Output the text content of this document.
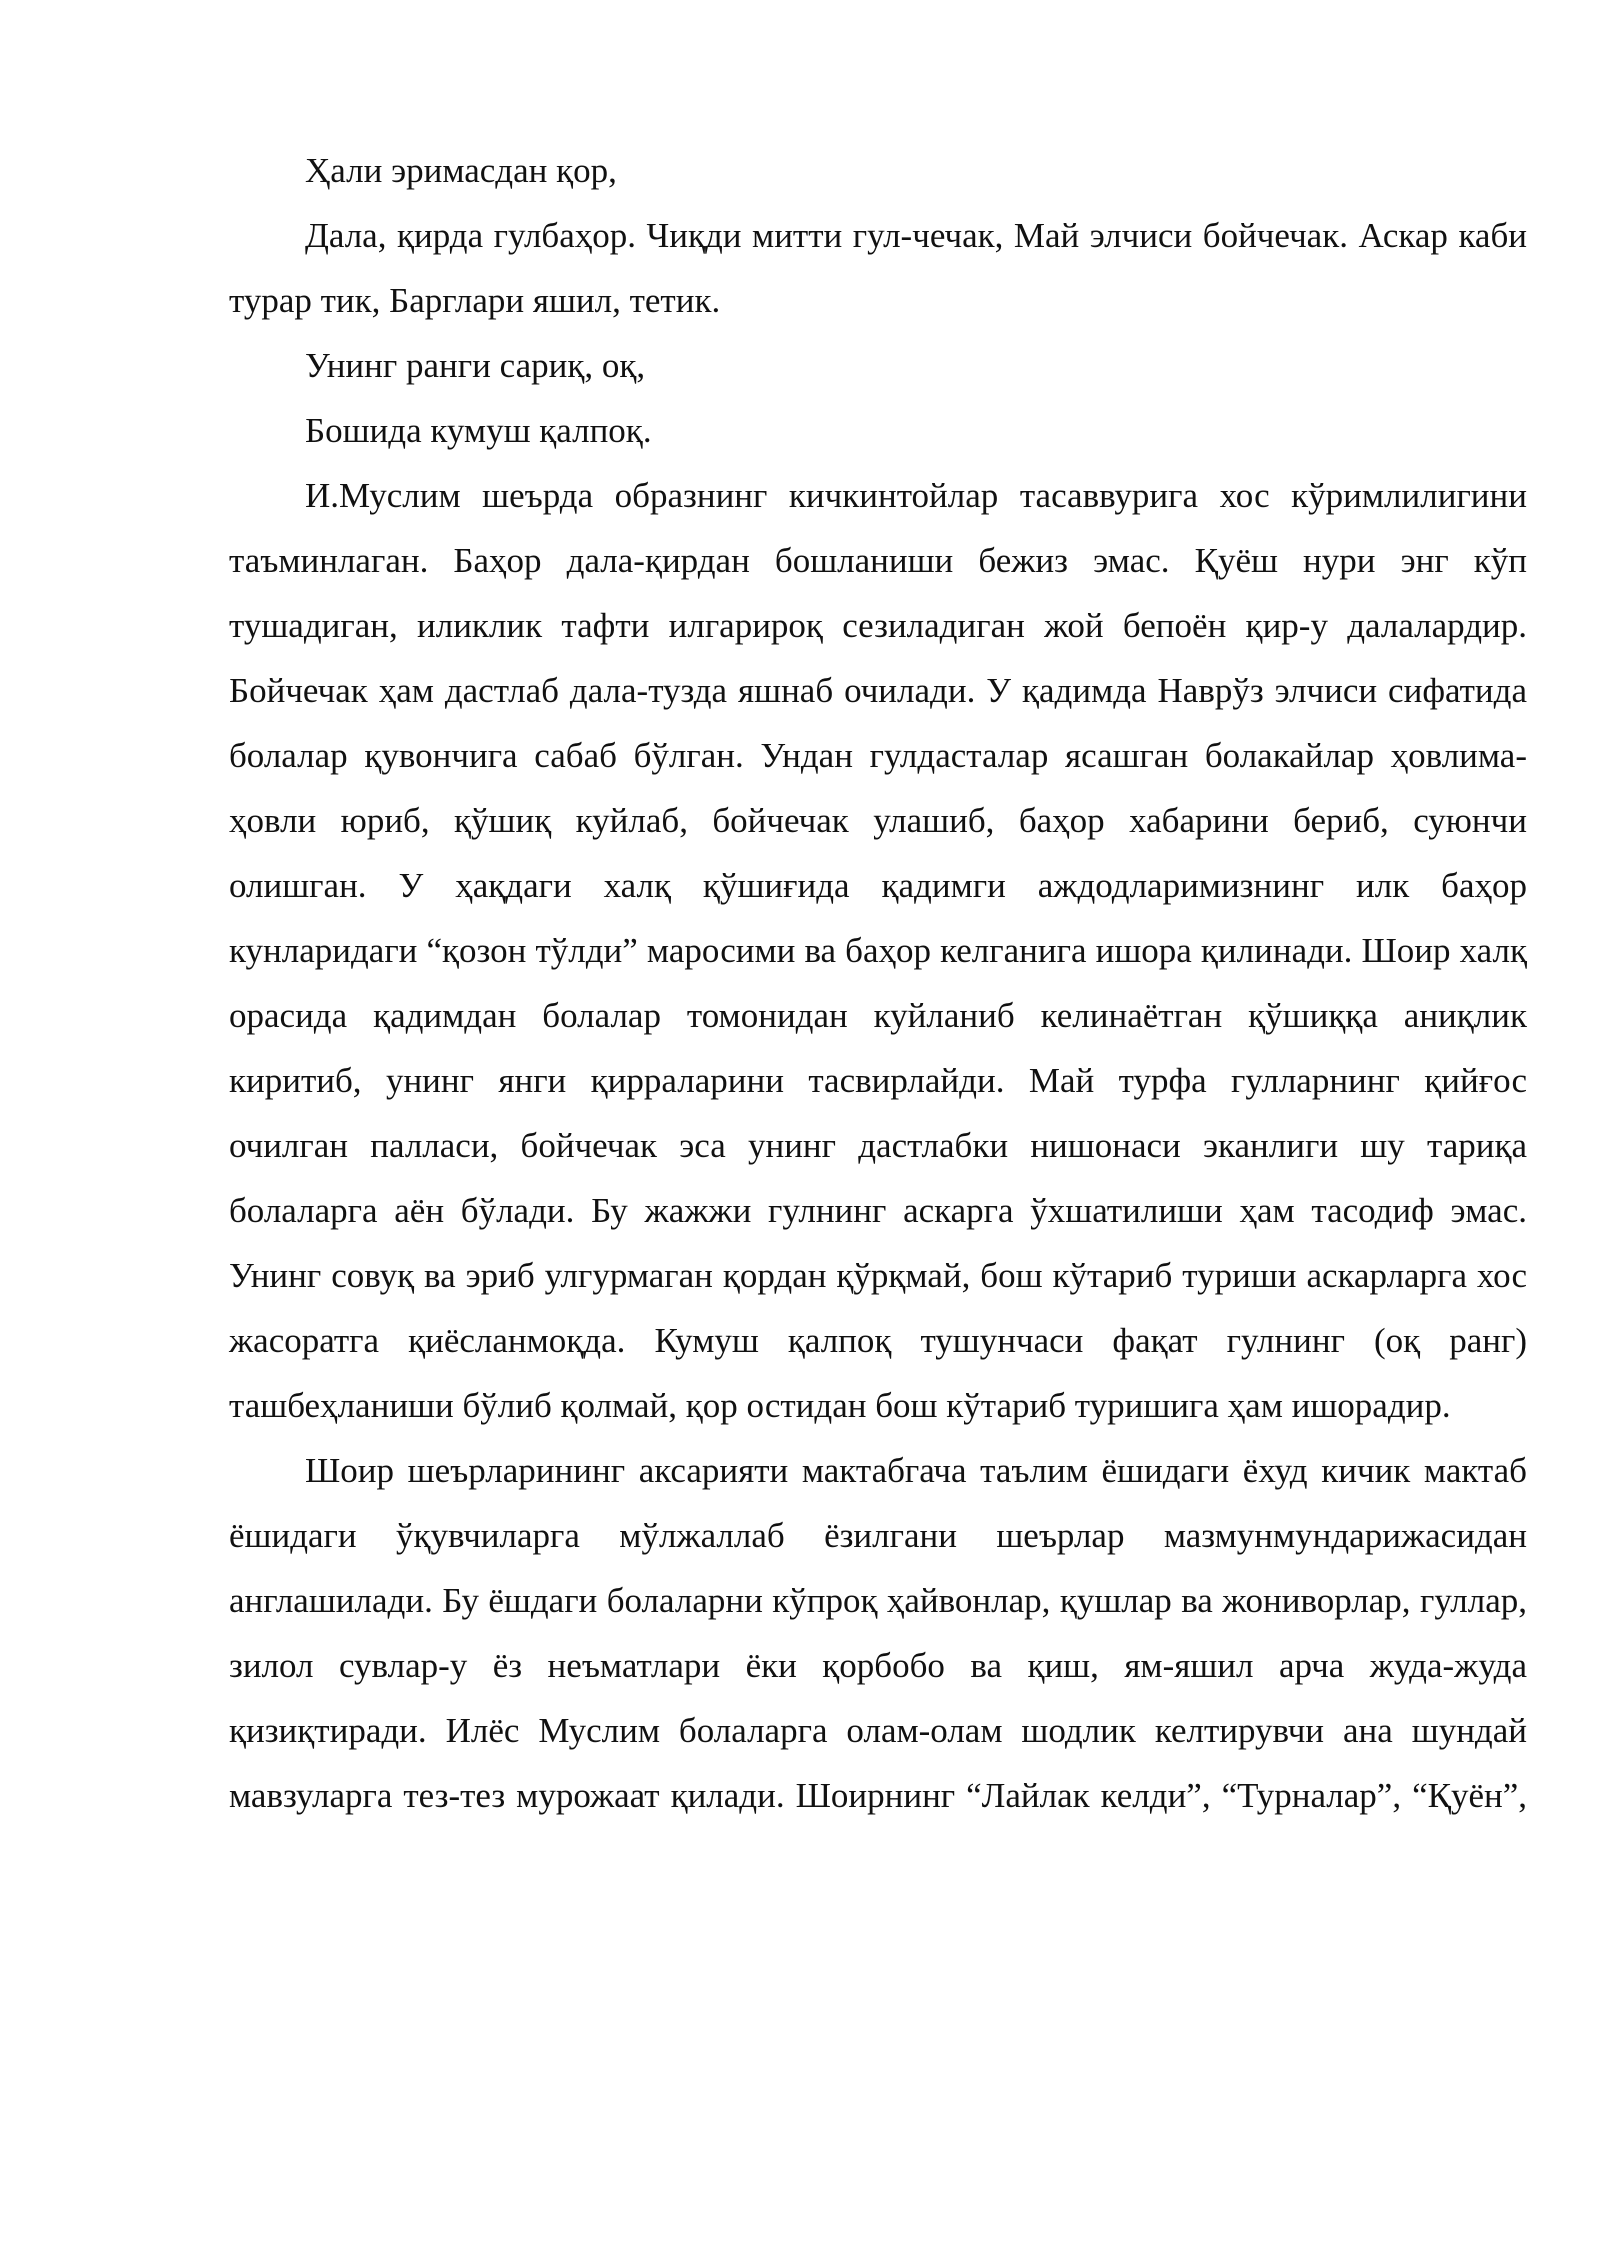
Ҳали эримасдан қор,

Дала, қирда гулбаҳор. Чиқди митти гул-чечак, Май элчиси бойчечак. Аскар каби турар тик, Барглари яшил, тетик.

Унинг ранги сариқ, оқ,

Бошида кумуш қалпоқ.

И.Муслим шеърда образнинг кичкинтойлар тасаввурига хос кўримлилигини таъминлаган. Баҳор дала-қирдан бошланиши бежиз эмас. Қуёш нури энг кўп тушадиган, иликлик тафти илгарироқ сезиладиган жой бепоён қир-у далалардир. Бойчечак ҳам дастлаб дала-тузда яшнаб очилади. У қадимда Наврўз элчиси сифатида болалар қувончига сабаб бўлган. Ундан гулдасталар ясашган болакайлар ҳовлима-ҳовли юриб, қўшиқ куйлаб, бойчечак улашиб, баҳор хабарини бериб, суюнчи олишган. У ҳақдаги халқ қўшиғида қадимги аждодларимизнинг илк баҳор кунларидаги “қозон тўлди” маросими ва баҳор келганига ишора қилинади. Шоир халқ орасида қадимдан болалар томонидан куйланиб келинаётган қўшиққа аниқлик киритиб, унинг янги қирраларини тасвирлайди. Май турфа гулларнинг қийғос очилган палласи, бойчечак эса унинг дастлабки нишонаси эканлиги шу тариқа болаларга аён бўлади. Бу жажжи гулнинг аскарга ўхшатилиши ҳам тасодиф эмас. Унинг совуқ ва эриб улгурмаган қордан қўрқмай, бош кўтариб туриши аскарларга хос жасоратга қиёсланмоқда. Кумуш қалпоқ тушунчаси фақат гулнинг (оқ ранг) ташбеҳланиши бўлиб қолмай, қор остидан бош кўтариб туришига ҳам ишорадир.

Шоир шеърларининг аксарияти мактабгача таълим ёшидаги ёхуд кичик мактаб ёшидаги ўқувчиларга мўлжаллаб ёзилгани шеърлар мазмунмундарижасидан англашилади. Бу ёшдаги болаларни кўпроқ ҳайвонлар, қушлар ва жониворлар, гуллар, зилол сувлар-у ёз неъматлари ёки қорбобо ва қиш, ям-яшил арча жуда-жуда қизиқтиради. Илёс Муслим болаларга олам-олам шодлик келтирувчи ана шундай мавзуларга тез-тез мурожаат қилади. Шоирнинг “Лайлак келди”, “Турналар”, “Қуён”,
